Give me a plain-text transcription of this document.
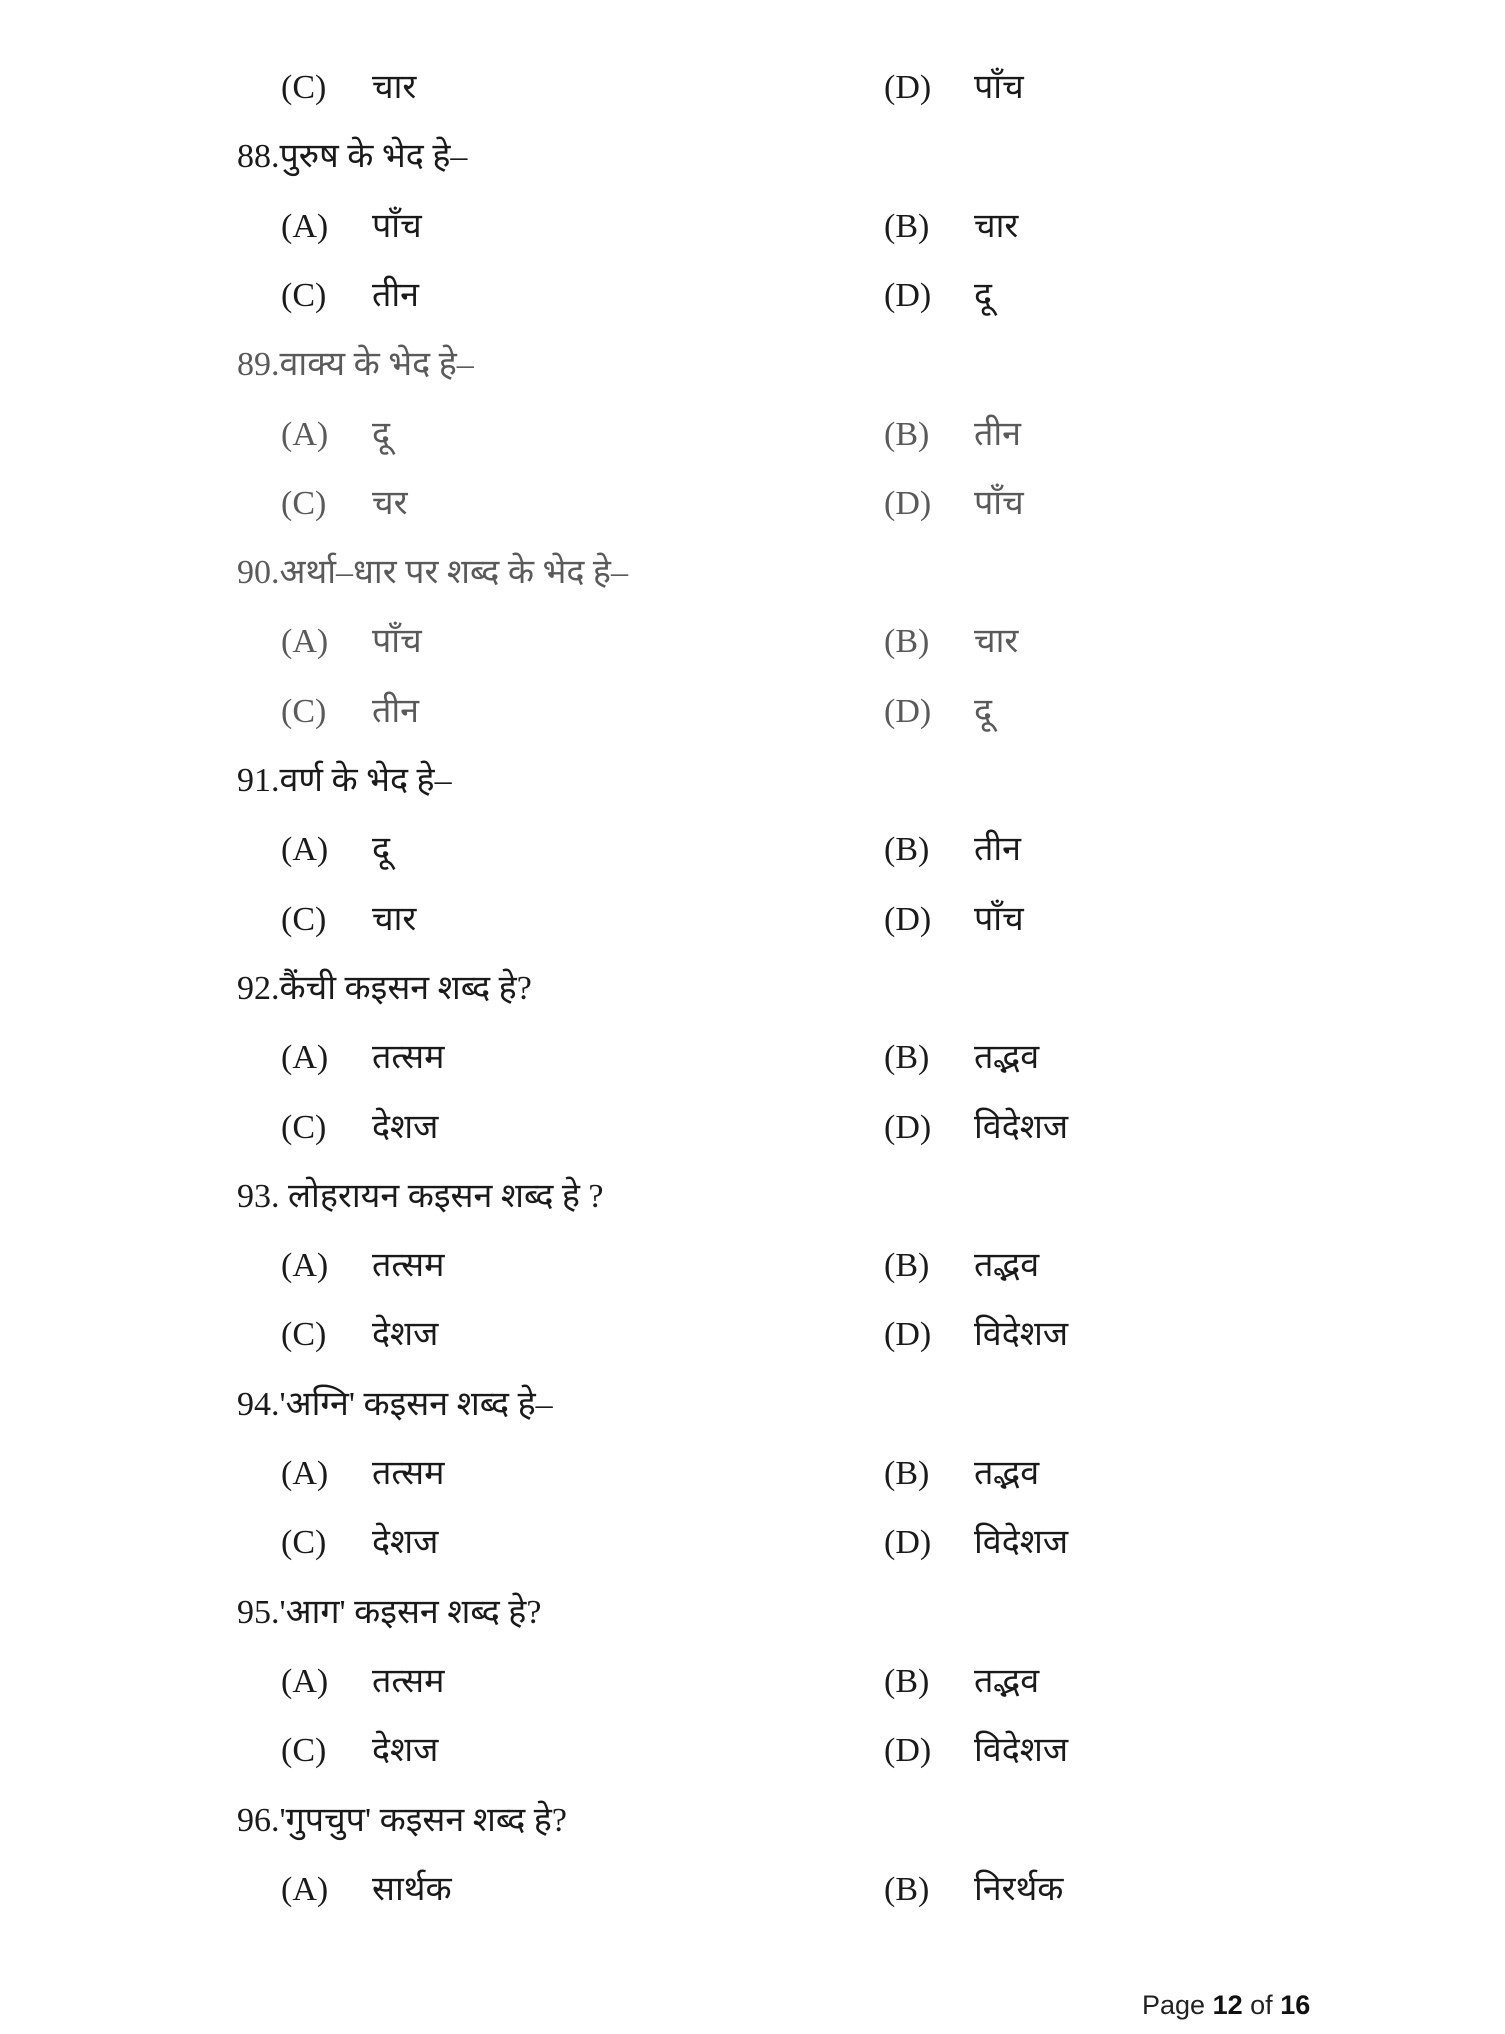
(C) चार	(D) पाँच
88.पुरुष के भेद हे–
(A) पाँच	(B) चार
(C) तीन	(D) दू
89.वाक्य के भेद हे–
(A) दू	(B) तीन
(C) चर	(D) पाँच
90.अर्था–धार पर शब्द के भेद हे–
(A) पाँच	(B) चार
(C) तीन	(D) दू
91.वर्ण के भेद हे–
(A) दू	(B) तीन
(C) चार	(D) पाँच
92.कैंची कइसन शब्द हे?
(A) तत्सम	(B) तद्भव
(C) देशज	(D) विदेशज
93. लोहरायन कइसन शब्द हे ?
(A) तत्सम	(B) तद्भव
(C) देशज	(D) विदेशज
94.'अग्नि' कइसन शब्द हे–
(A) तत्सम	(B) तद्भव
(C) देशज	(D) विदेशज
95.'आग' कइसन शब्द हे?
(A) तत्सम	(B) तद्भव
(C) देशज	(D) विदेशज
96.'गुपचुप' कइसन शब्द हे?
(A) सार्थक	(B) निरर्थक
Page 12 of 16
